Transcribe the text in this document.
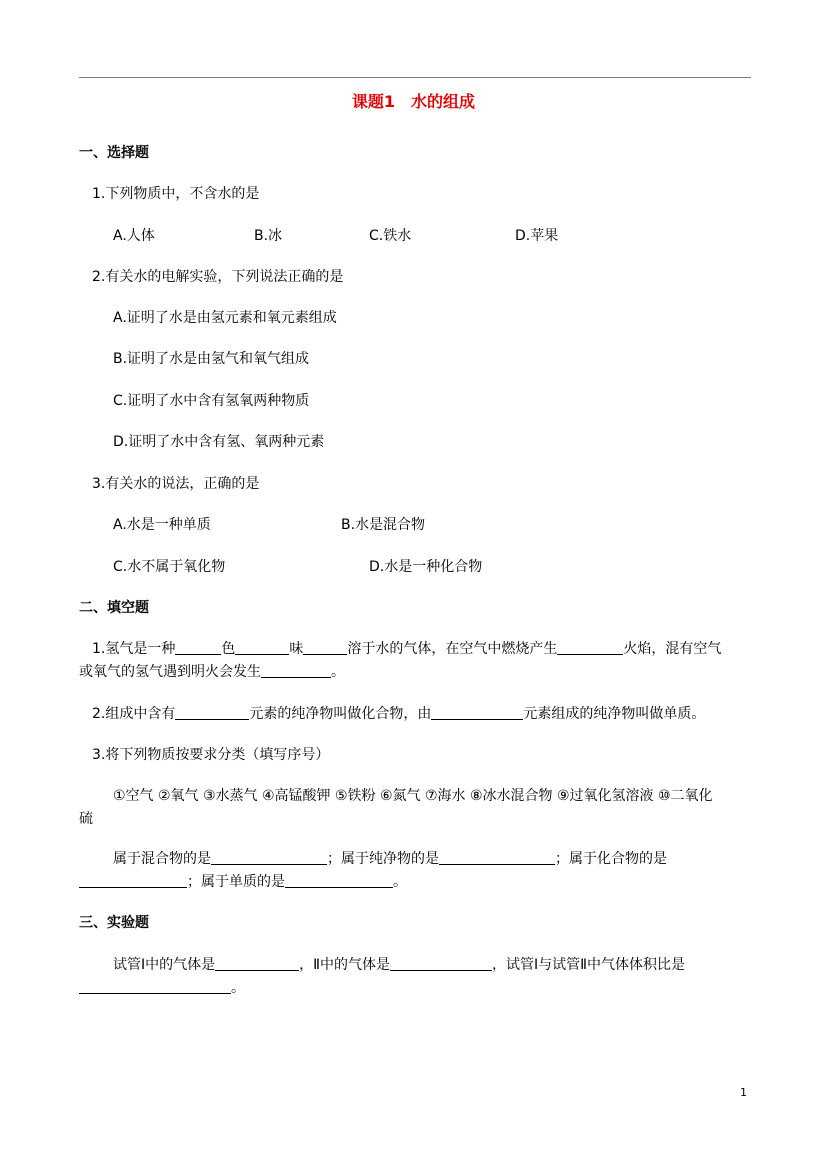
课题1　水的组成
一、选择题
1.下列物质中，不含水的是
A.人体	B.冰	C.铁水	D.苹果
2.有关水的电解实验，下列说法正确的是
A.证明了水是由氢元素和氧元素组成
B.证明了水是由氢气和氧气组成
C.证明了水中含有氢氧两种物质
D.证明了水中含有氢、氧两种元素
3.有关水的说法，正确的是
A.水是一种单质	B.水是混合物
C.水不属于氧化物	D.水是一种化合物
二、填空题
1.氢气是一种	色	味	溶于水的气体，在空气中燃烧产生	火焰，混有空气
或氧气的氢气遇到明火会发生	。
2.组成中含有	元素的纯净物叫做化合物，由	元素组成的纯净物叫做单质。
3.将下列物质按要求分类（填写序号）
①空气 ②氧气 ③水蒸气 ④高锰酸钾 ⑤铁粉 ⑥氮气 ⑦海水 ⑧冰水混合物 ⑨过氧化氢溶液 ⑩二氧化
硫
属于混合物的是	；属于纯净物的是	；属于化合物的是
；属于单质的是	。
三、实验题
试管Ⅰ中的气体是	，Ⅱ中的气体是	，试管Ⅰ与试管Ⅱ中气体体积比是
。
1
